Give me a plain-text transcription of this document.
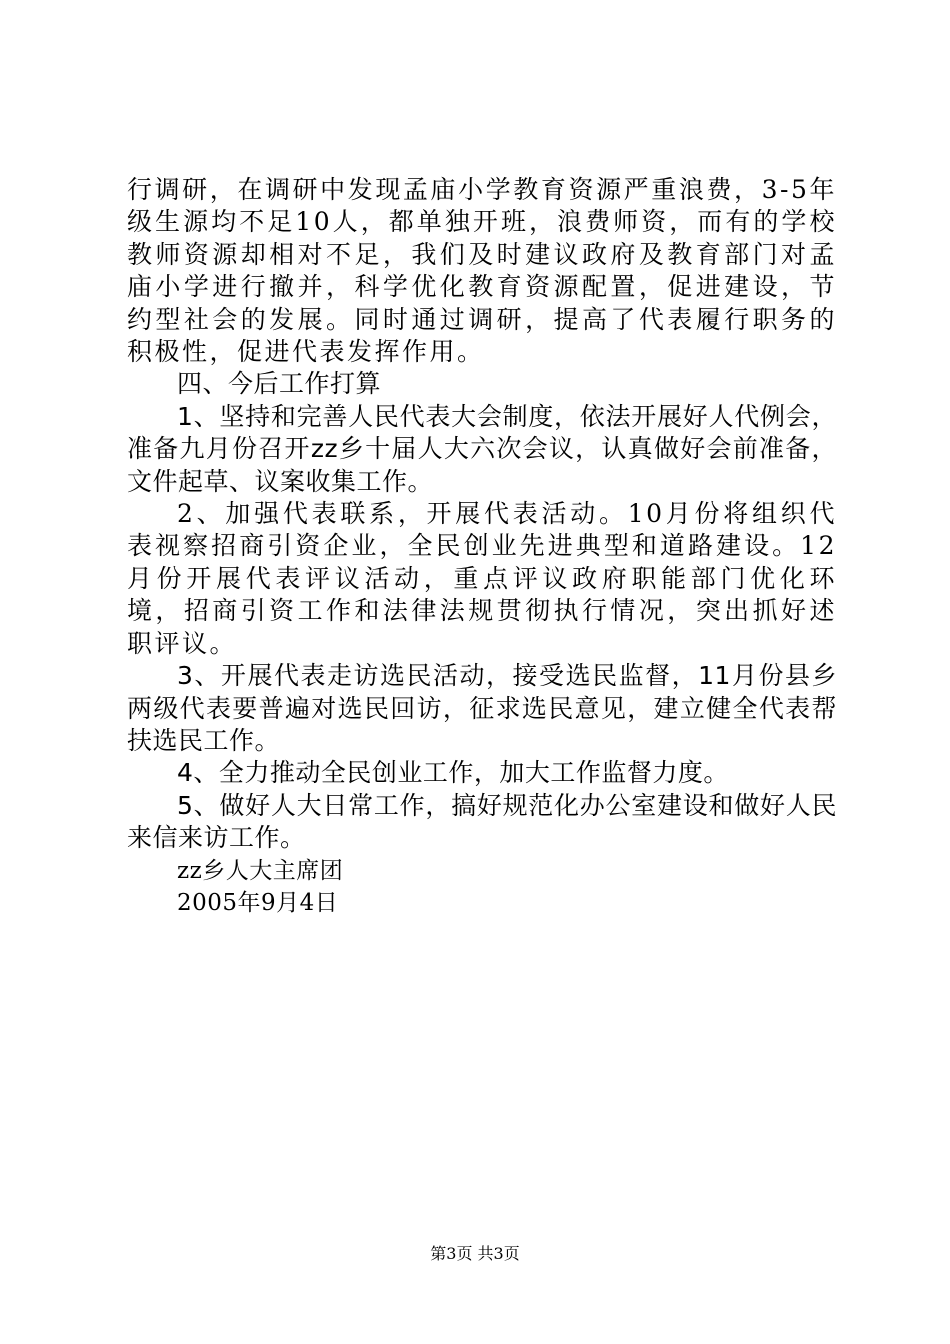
行调研，在调研中发现孟庙小学教育资源严重浪费，3-5年级生源均不足10人，都单独开班，浪费师资，而有的学校教师资源却相对不足，我们及时建议政府及教育部门对孟庙小学进行撤并，科学优化教育资源配置，促进建设，节约型社会的发展。同时通过调研，提高了代表履行职务的积极性，促进代表发挥作用。

四、今后工作打算

1、坚持和完善人民代表大会制度，依法开展好人代例会，准备九月份召开zz乡十届人大六次会议，认真做好会前准备，文件起草、议案收集工作。

2、加强代表联系，开展代表活动。10月份将组织代表视察招商引资企业，全民创业先进典型和道路建设。12月份开展代表评议活动，重点评议政府职能部门优化环境，招商引资工作和法律法规贯彻执行情况，突出抓好述职评议。

3、开展代表走访选民活动，接受选民监督，11月份县乡两级代表要普遍对选民回访，征求选民意见，建立健全代表帮扶选民工作。

4、全力推动全民创业工作，加大工作监督力度。

5、做好人大日常工作，搞好规范化办公室建设和做好人民来信来访工作。

zz乡人大主席团

2005年9月4日

第3页 共3页
